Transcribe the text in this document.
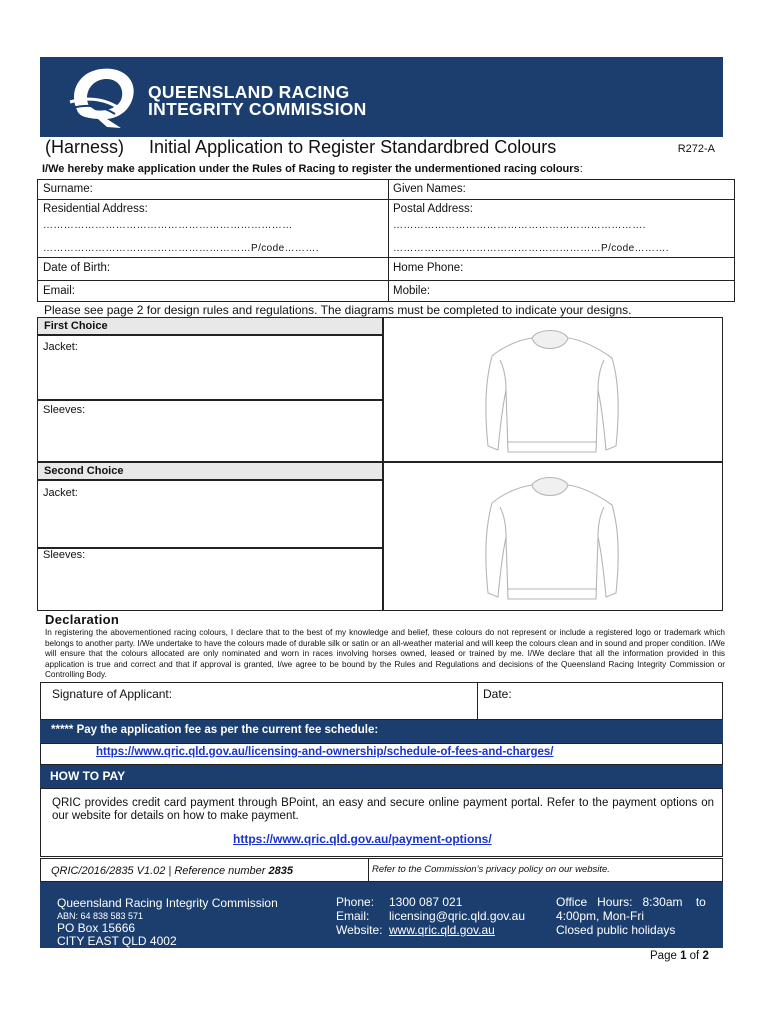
QUEENSLAND RACING
INTEGRITY COMMISSION
(Harness) Initial Application to Register Standardbred Colours	R272-A
I/We hereby make application under the Rules of Racing to register the undermentioned racing colours:
Surname:	Given Names:
Residential Address:
………………………………………………………………
……………………………………………………P/code……….
Postal Address:
……………………………………………………………….
……………………………………………………P/code……….
Date of Birth:	Home Phone:
Email:	Mobile:
Please see page 2 for design rules and regulations. The diagrams must be completed to indicate your designs.
First Choice
Jacket:
Sleeves:
Second Choice
Jacket:
Sleeves:
Declaration
In registering the abovementioned racing colours, I declare that to the best of my knowledge and belief, these colours do not represent or include a registered logo or trademark which belongs to another party. I/We undertake to have the colours made of durable silk or satin or an all-weather material and will keep the colours clean and in sound and proper condition. I/We will ensure that the colours allocated are only nominated and worn in races involving horses owned, leased or trained by me. I/We declare that all the information provided in this application is true and correct and that if approval is granted, I/we agree to be bound by the Rules and Regulations and decisions of the Queensland Racing Integrity Commission or Controlling Body.
Signature of Applicant:	Date:
***** Pay the application fee as per the current fee schedule:
https://www.qric.qld.gov.au/licensing-and-ownership/schedule-of-fees-and-charges/
HOW TO PAY
QRIC provides credit card payment through BPoint, an easy and secure online payment portal. Refer to the payment options on our website for details on how to make payment.
https://www.qric.qld.gov.au/payment-options/
QRIC/2016/2835 V1.02 | Reference number 2835	Refer to the Commission’s privacy policy on our website.
Queensland Racing Integrity Commission
ABN: 64 838 583 571
PO Box 15666
CITY EAST QLD 4002
Phone: 1300 087 021
Email: licensing@qric.qld.gov.au
Website: www.qric.qld.gov.au
Office   Hours:   8:30am    to
4:00pm, Mon-Fri
Closed public holidays
Page 1 of 2
